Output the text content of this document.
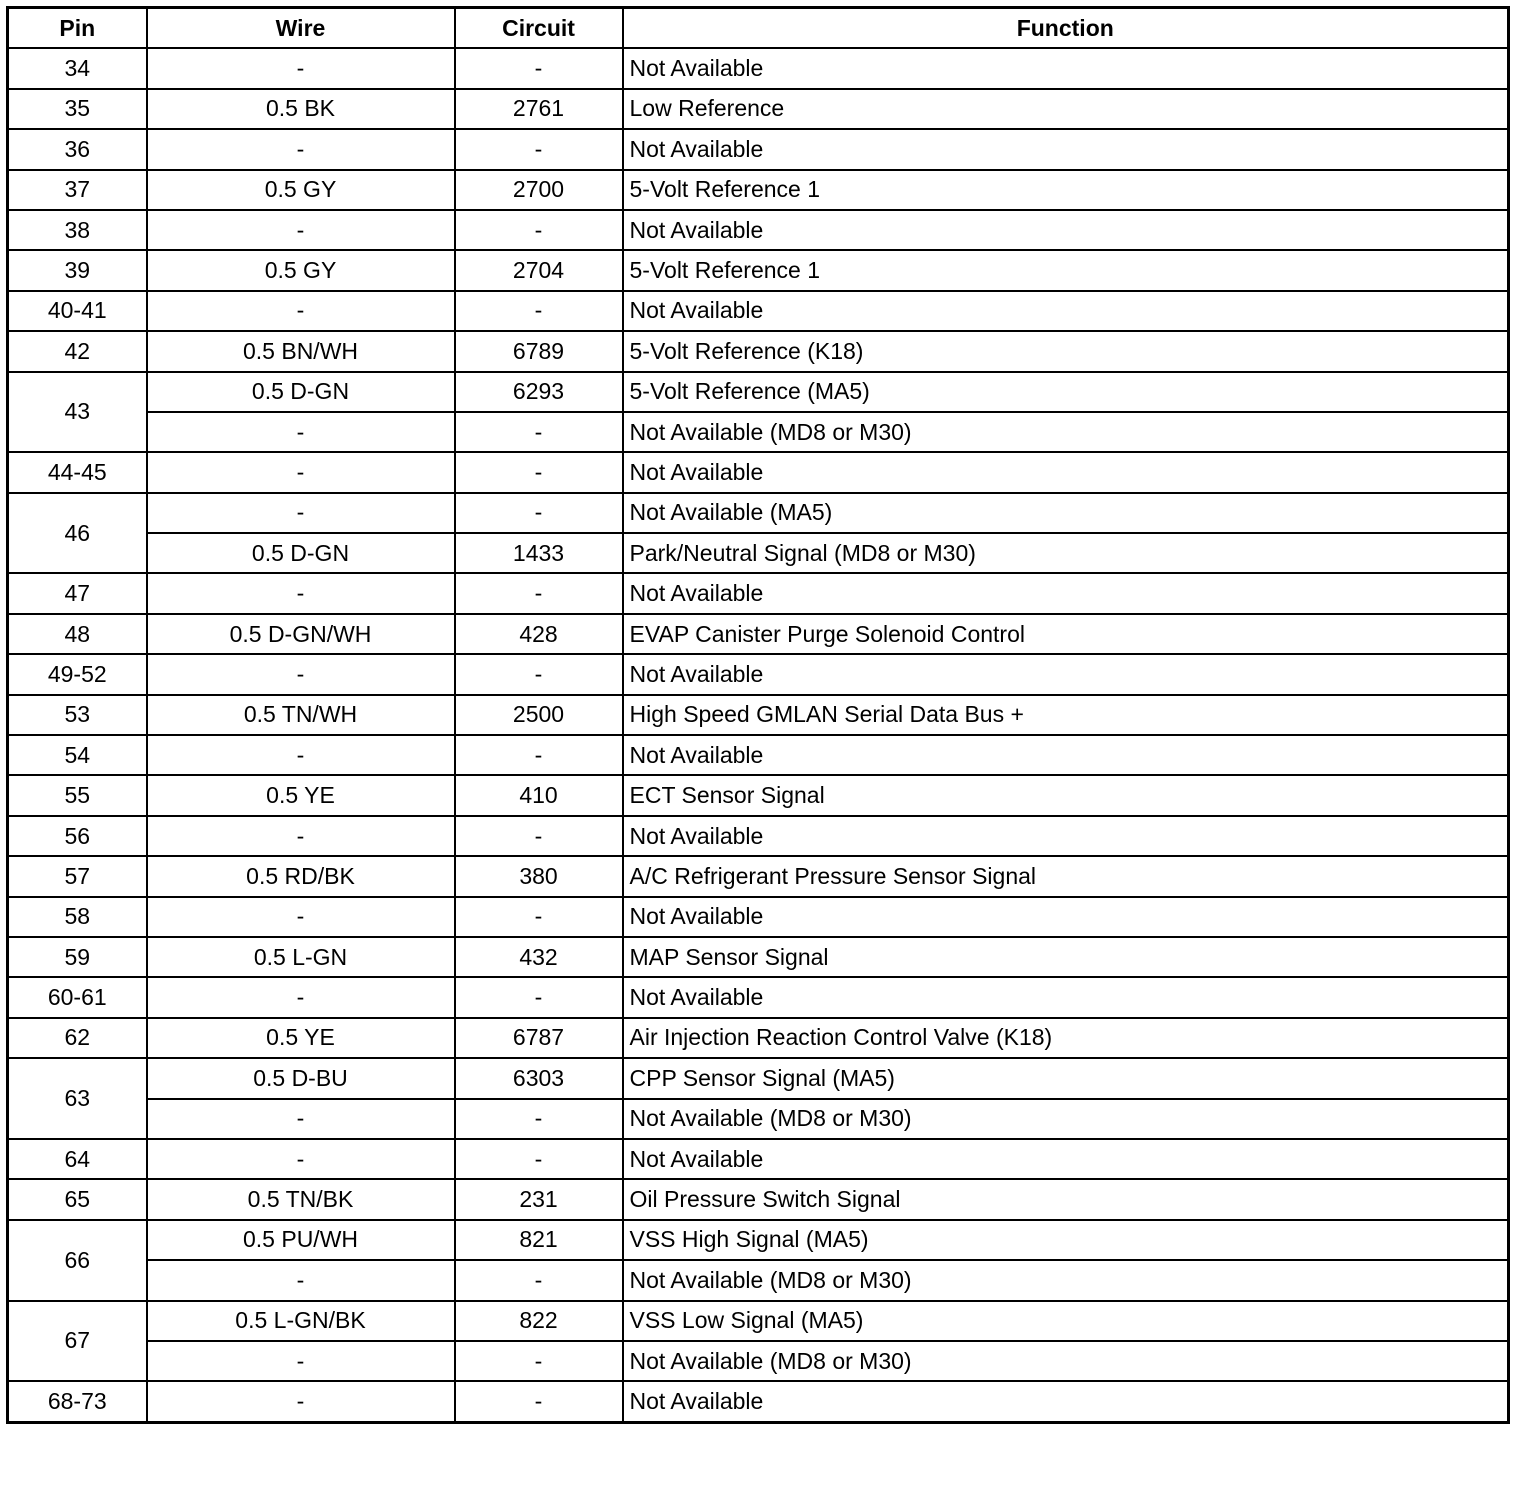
Pin	Wire	Circuit	Function
34	-	-	Not Available
35	0.5 BK	2761	Low Reference
36	-	-	Not Available
37	0.5 GY	2700	5-Volt Reference 1
38	-	-	Not Available
39	0.5 GY	2704	5-Volt Reference 1
40-41	-	-	Not Available
42	0.5 BN/WH	6789	5-Volt Reference (K18)
43	0.5 D-GN	6293	5-Volt Reference (MA5)
	-	-	Not Available (MD8 or M30)
44-45	-	-	Not Available
46	-	-	Not Available (MA5)
	0.5 D-GN	1433	Park/Neutral Signal (MD8 or M30)
47	-	-	Not Available
48	0.5 D-GN/WH	428	EVAP Canister Purge Solenoid Control
49-52	-	-	Not Available
53	0.5 TN/WH	2500	High Speed GMLAN Serial Data Bus +
54	-	-	Not Available
55	0.5 YE	410	ECT Sensor Signal
56	-	-	Not Available
57	0.5 RD/BK	380	A/C Refrigerant Pressure Sensor Signal
58	-	-	Not Available
59	0.5 L-GN	432	MAP Sensor Signal
60-61	-	-	Not Available
62	0.5 YE	6787	Air Injection Reaction Control Valve (K18)
63	0.5 D-BU	6303	CPP Sensor Signal (MA5)
	-	-	Not Available (MD8 or M30)
64	-	-	Not Available
65	0.5 TN/BK	231	Oil Pressure Switch Signal
66	0.5 PU/WH	821	VSS High Signal (MA5)
	-	-	Not Available (MD8 or M30)
67	0.5 L-GN/BK	822	VSS Low Signal (MA5)
	-	-	Not Available (MD8 or M30)
68-73	-	-	Not Available
